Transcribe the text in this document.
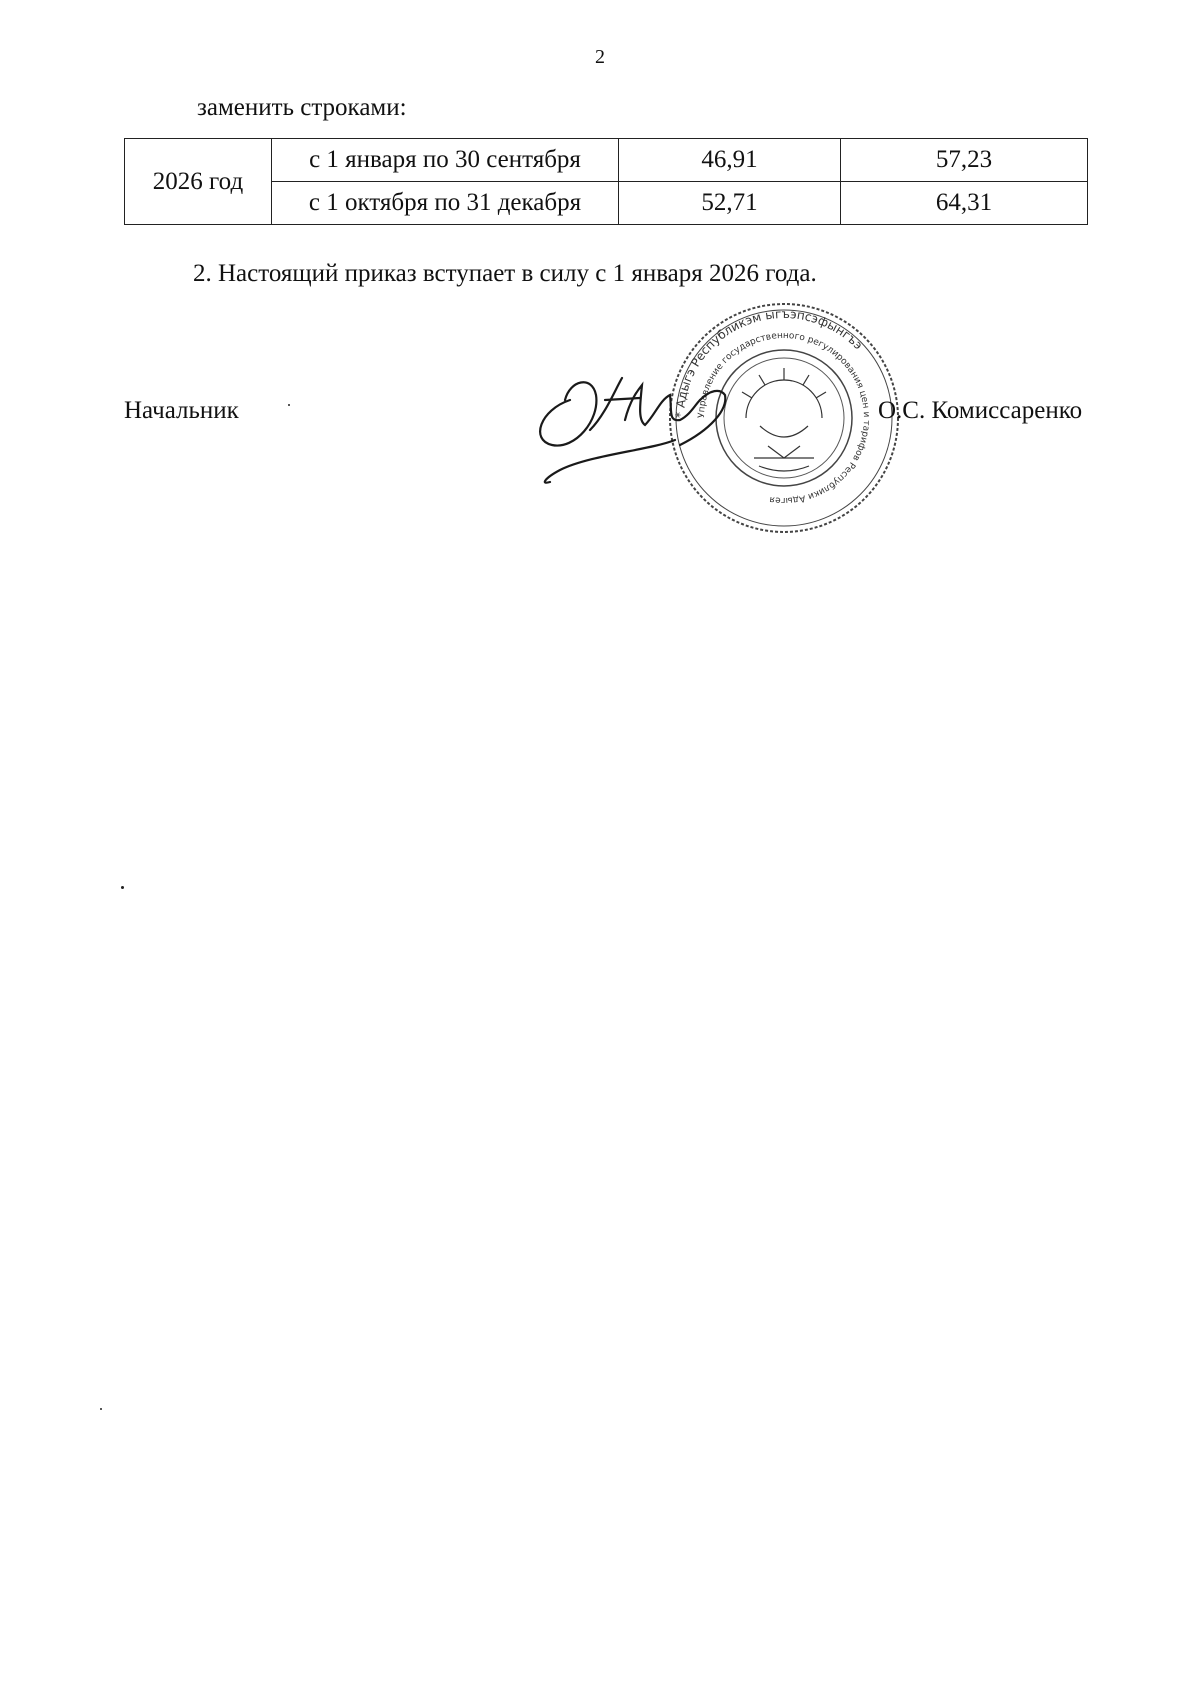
2
заменить строками:
2026 год	с 1 января по 30 сентября	46,91	57,23
	с 1 октября по 31 декабря	52,71	64,31
2. Настоящий приказ вступает в силу с 1 января 2026 года.
Начальник	* Адыгэ Республикэм ыгъэпсэфынгъэ
Управление государственного регулирования цен и тарифов Республики Адыгея
О.С. Комиссаренко
